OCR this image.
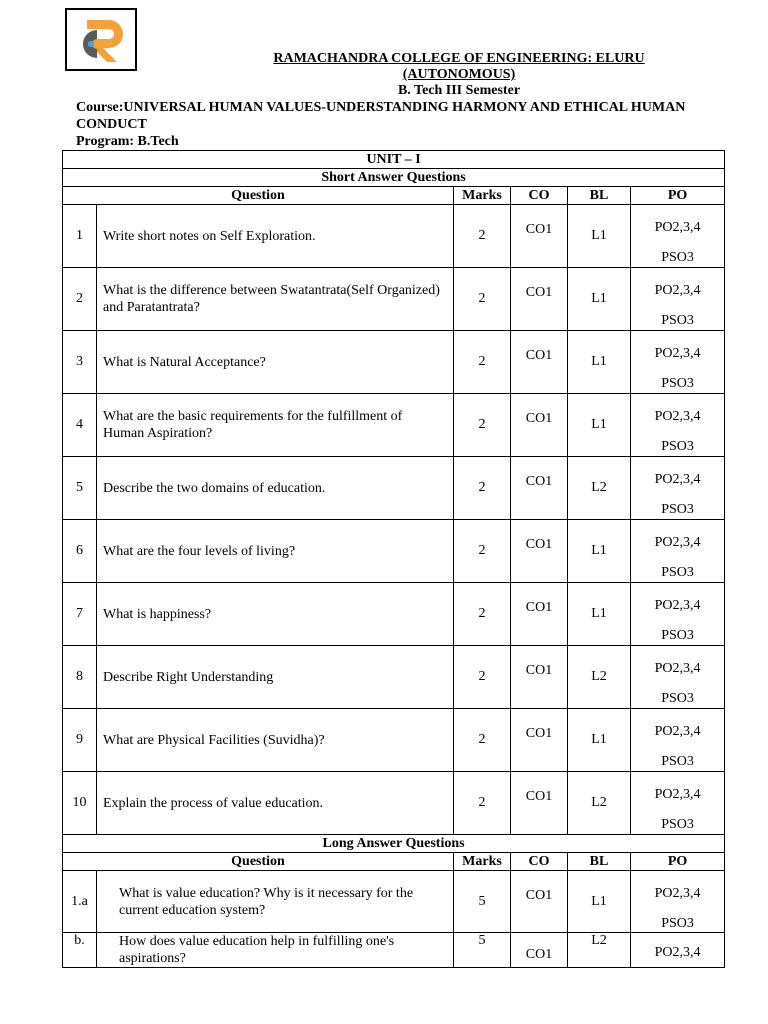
RAMACHANDRA COLLEGE OF ENGINEERING: ELURU
(AUTONOMOUS)
B. Tech III Semester
Course:UNIVERSAL HUMAN VALUES-UNDERSTANDING HARMONY AND ETHICAL HUMAN
CONDUCT
Program: B.Tech
UNIT – I					
Short Answer Questions					
Question		Marks	CO	BL	PO
1	Write short notes on Self Exploration.	2	CO1	L1	PO2,3,4
PSO3

2	What is the difference between Swatantrata(Self Organized) and Paratantrata?	2	CO1	L1	PO2,3,4
PSO3

3	What is Natural Acceptance?	2	CO1	L1	PO2,3,4
PSO3

4	What are the basic requirements for the fulfillment of Human Aspiration?	2	CO1	L1	PO2,3,4
PSO3

5	Describe the two domains of education.	2	CO1	L2	PO2,3,4
PSO3

6	What are the four levels of living?	2	CO1	L1	PO2,3,4
PSO3

7	What is happiness?	2	CO1	L1	PO2,3,4
PSO3

8	Describe Right Understanding	2	CO1	L2	PO2,3,4
PSO3

9	What are Physical Facilities (Suvidha)?	2	CO1	L1	PO2,3,4
PSO3

10	Explain the process of value education.	2	CO1	L2	PO2,3,4
PSO3

Long Answer Questions					
Question		Marks	CO	BL	PO
1.a	What is value education? Why is it necessary for the current education system?	5	CO1	L1	PO2,3,4
PSO3

b.	How does value education help in fulfilling one's aspirations?	5	CO1	L2	PO2,3,4
